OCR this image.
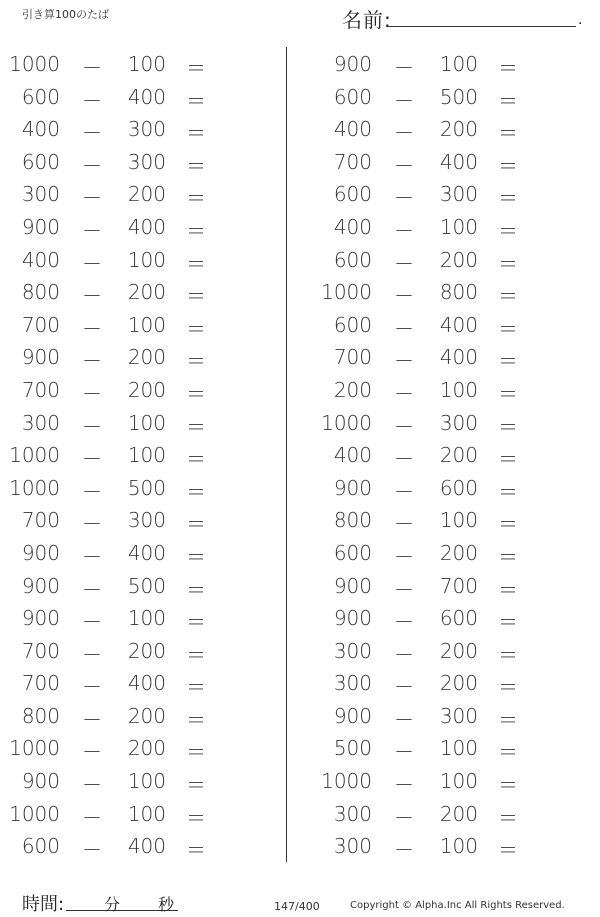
引き算100のたば	名前:	.
1000 －	100 ＝
600 －	400 ＝
400 －	300 ＝
600 －	300 ＝
300 －	200 ＝
900 －	400 ＝
400 －	100 ＝
800 －	200 ＝
700 －	100 ＝
900 －	200 ＝
700 －	200 ＝
300 －	100 ＝
1000 －	100 ＝
1000 －	500 ＝
700 －	300 ＝
900 －	400 ＝
900 －	500 ＝
900 －	100 ＝
700 －	200 ＝
700 －	400 ＝
800 －	200 ＝
1000 －	200 ＝
900 －	100 ＝
1000 －	100 ＝
600 －	400 ＝
900 －	100 ＝
600 －	500 ＝
400 －	200 ＝
700 －	400 ＝
600 －	300 ＝
400 －	100 ＝
600 －	200 ＝
1000 －	800 ＝
600 －	400 ＝
700 －	400 ＝
200 －	100 ＝
1000 －	300 ＝
400 －	200 ＝
900 －	600 ＝
800 －	100 ＝
600 －	200 ＝
900 －	700 ＝
900 －	600 ＝
300 －	200 ＝
300 －	200 ＝
900 －	300 ＝
500 －	100 ＝
1000 －	100 ＝
300 －	200 ＝
300 －	100 ＝
時間: 分 秒	147/400	Copyright © Alpha.Inc All Rights Reserved.
